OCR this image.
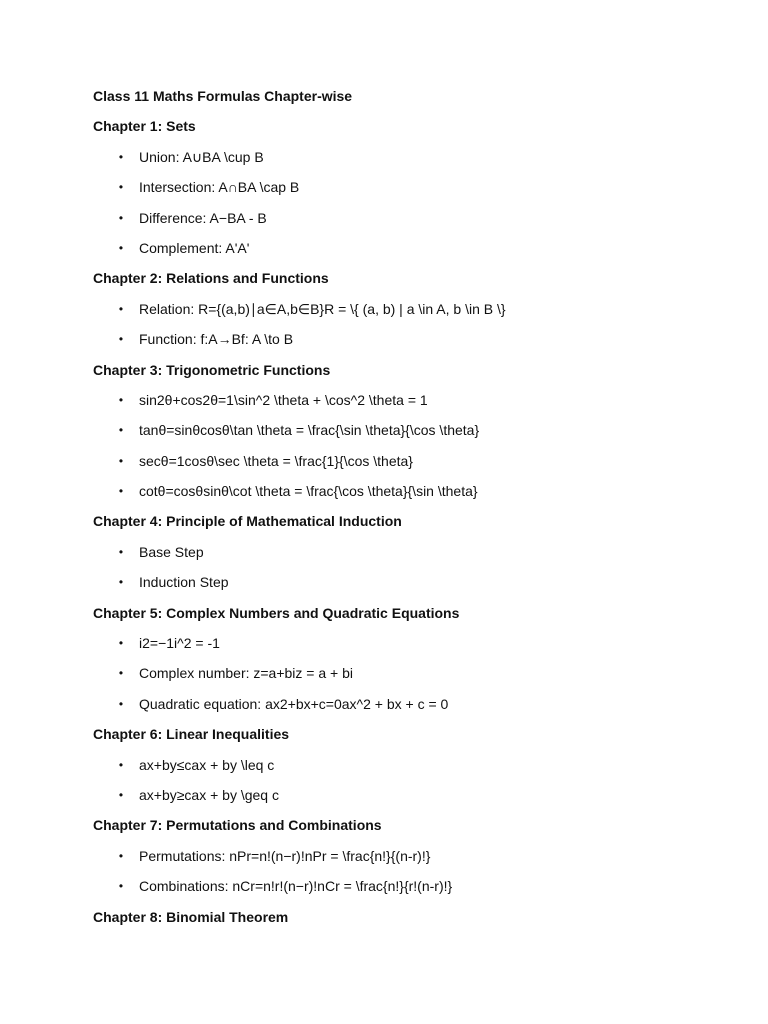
Class 11 Maths Formulas Chapter-wise
Chapter 1: Sets
• Union: A∪BA \cup B
• Intersection: A∩BA \cap B
• Difference: A−BA - B
• Complement: A'A'
Chapter 2: Relations and Functions
• Relation: R={(a,b)∣a∈A,b∈B}R = \{ (a, b) | a \in A, b \in B \}
• Function: f:A→Bf: A \to B
Chapter 3: Trigonometric Functions
• sin2θ+cos2θ=1\sin^2 \theta + \cos^2 \theta = 1
• tanθ=sinθcosθ\tan \theta = \frac{\sin \theta}{\cos \theta}
• secθ=1cosθ\sec \theta = \frac{1}{\cos \theta}
• cotθ=cosθsinθ\cot \theta = \frac{\cos \theta}{\sin \theta}
Chapter 4: Principle of Mathematical Induction
• Base Step
• Induction Step
Chapter 5: Complex Numbers and Quadratic Equations
• i2=−1i^2 = -1
• Complex number: z=a+biz = a + bi
• Quadratic equation: ax2+bx+c=0ax^2 + bx + c = 0
Chapter 6: Linear Inequalities
• ax+by≤cax + by \leq c
• ax+by≥cax + by \geq c
Chapter 7: Permutations and Combinations
• Permutations: nPr=n!(n−r)!nPr = \frac{n!}{(n-r)!}
• Combinations: nCr=n!r!(n−r)!nCr = \frac{n!}{r!(n-r)!}
Chapter 8: Binomial Theorem
